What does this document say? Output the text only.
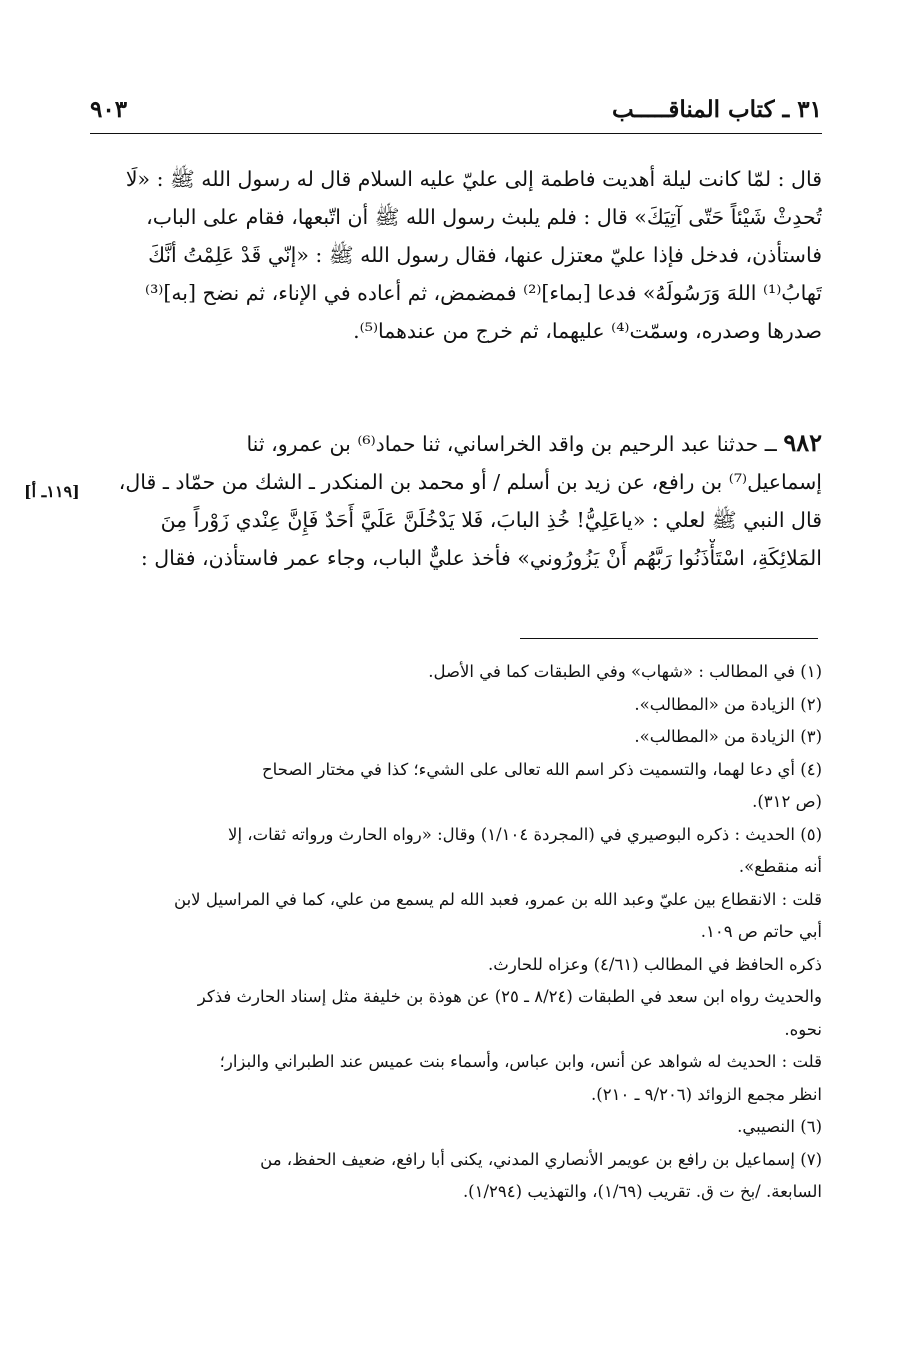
٣١ ـ كتاب المناقـــــب
٩٠٣
قال : لمّا كانت ليلة أهديت فاطمة إلى عليّ عليه السلام قال له رسول الله ﷺ : «لَا
تُحدِثْ شَيْئاً حَتّى آتِيَكَ» قال : فلم يلبث رسول الله ﷺ أن اتّبعها، فقام على الباب،
فاستأذن، فدخل فإذا عليّ معتزل عنها، فقال رسول الله ﷺ : «إنّي قَدْ عَلِمْتُ أنَّكَ
تَهابُ⁽¹⁾ اللهَ وَرَسُولَهُ» فدعا [بماء]⁽²⁾ فمضمض، ثم أعاده في الإناء، ثم نضح [به]⁽³⁾
صدرها وصدره، وسمّت⁽⁴⁾ عليهما، ثم خرج من عندهما⁽⁵⁾.
٩٨٢ ــ حدثنا عبد الرحيم بن واقد الخراساني، ثنا حماد⁽⁶⁾ بن عمرو، ثنا
إسماعيل⁽⁷⁾ بن رافع، عن زيد بن أسلم / أو محمد بن المنكدر ـ الشك من حمّاد ـ قال،
قال النبي ﷺ لعلي : «ياعَلِيُّ! خُذِ البابَ، فَلا يَدْخُلَنَّ عَلَيَّ أَحَدٌ فَإِنَّ عِنْدي زَوْراً مِنَ
المَلائِكَةِ، اسْتَأْذَنُوا رَبَّهُم أَنْ يَزُورُوني» فأخذ عليٌّ الباب، وجاء عمر فاستأذن، فقال :
[١١٩ـ أ]
(١) في المطالب : «شهاب» وفي الطبقات كما في الأصل.
(٢) الزيادة من «المطالب».
(٣) الزيادة من «المطالب».
(٤) أي دعا لهما، والتسميت ذكر اسم الله تعالى على الشيء؛ كذا في مختار الصحاح
(ص ٣١٢).
(٥) الحديث : ذكره البوصيري في (المجردة ١/١٠٤) وقال: «رواه الحارث ورواته ثقات، إلا
أنه منقطع».
قلت : الانقطاع بين عليّ وعبد الله بن عمرو، فعبد الله لم يسمع من علي، كما في المراسيل لابن
أبي حاتم ص ١٠٩.
ذكره الحافظ في المطالب (٤/٦١) وعزاه للحارث.
والحديث رواه ابن سعد في الطبقات (٨/٢٤ ـ ٢٥) عن هوذة بن خليفة مثل إسناد الحارث فذكر
نحوه.
قلت : الحديث له شواهد عن أنس، وابن عباس، وأسماء بنت عميس عند الطبراني والبزار؛
انظر مجمع الزوائد (٩/٢٠٦ ـ ٢١٠).
(٦) النصيبي.
(٧) إسماعيل بن رافع بن عويمر الأنصاري المدني، يكنى أبا رافع، ضعيف الحفظ، من
السابعة. /بخ ت ق. تقريب (١/٦٩)، والتهذيب (١/٢٩٤).
